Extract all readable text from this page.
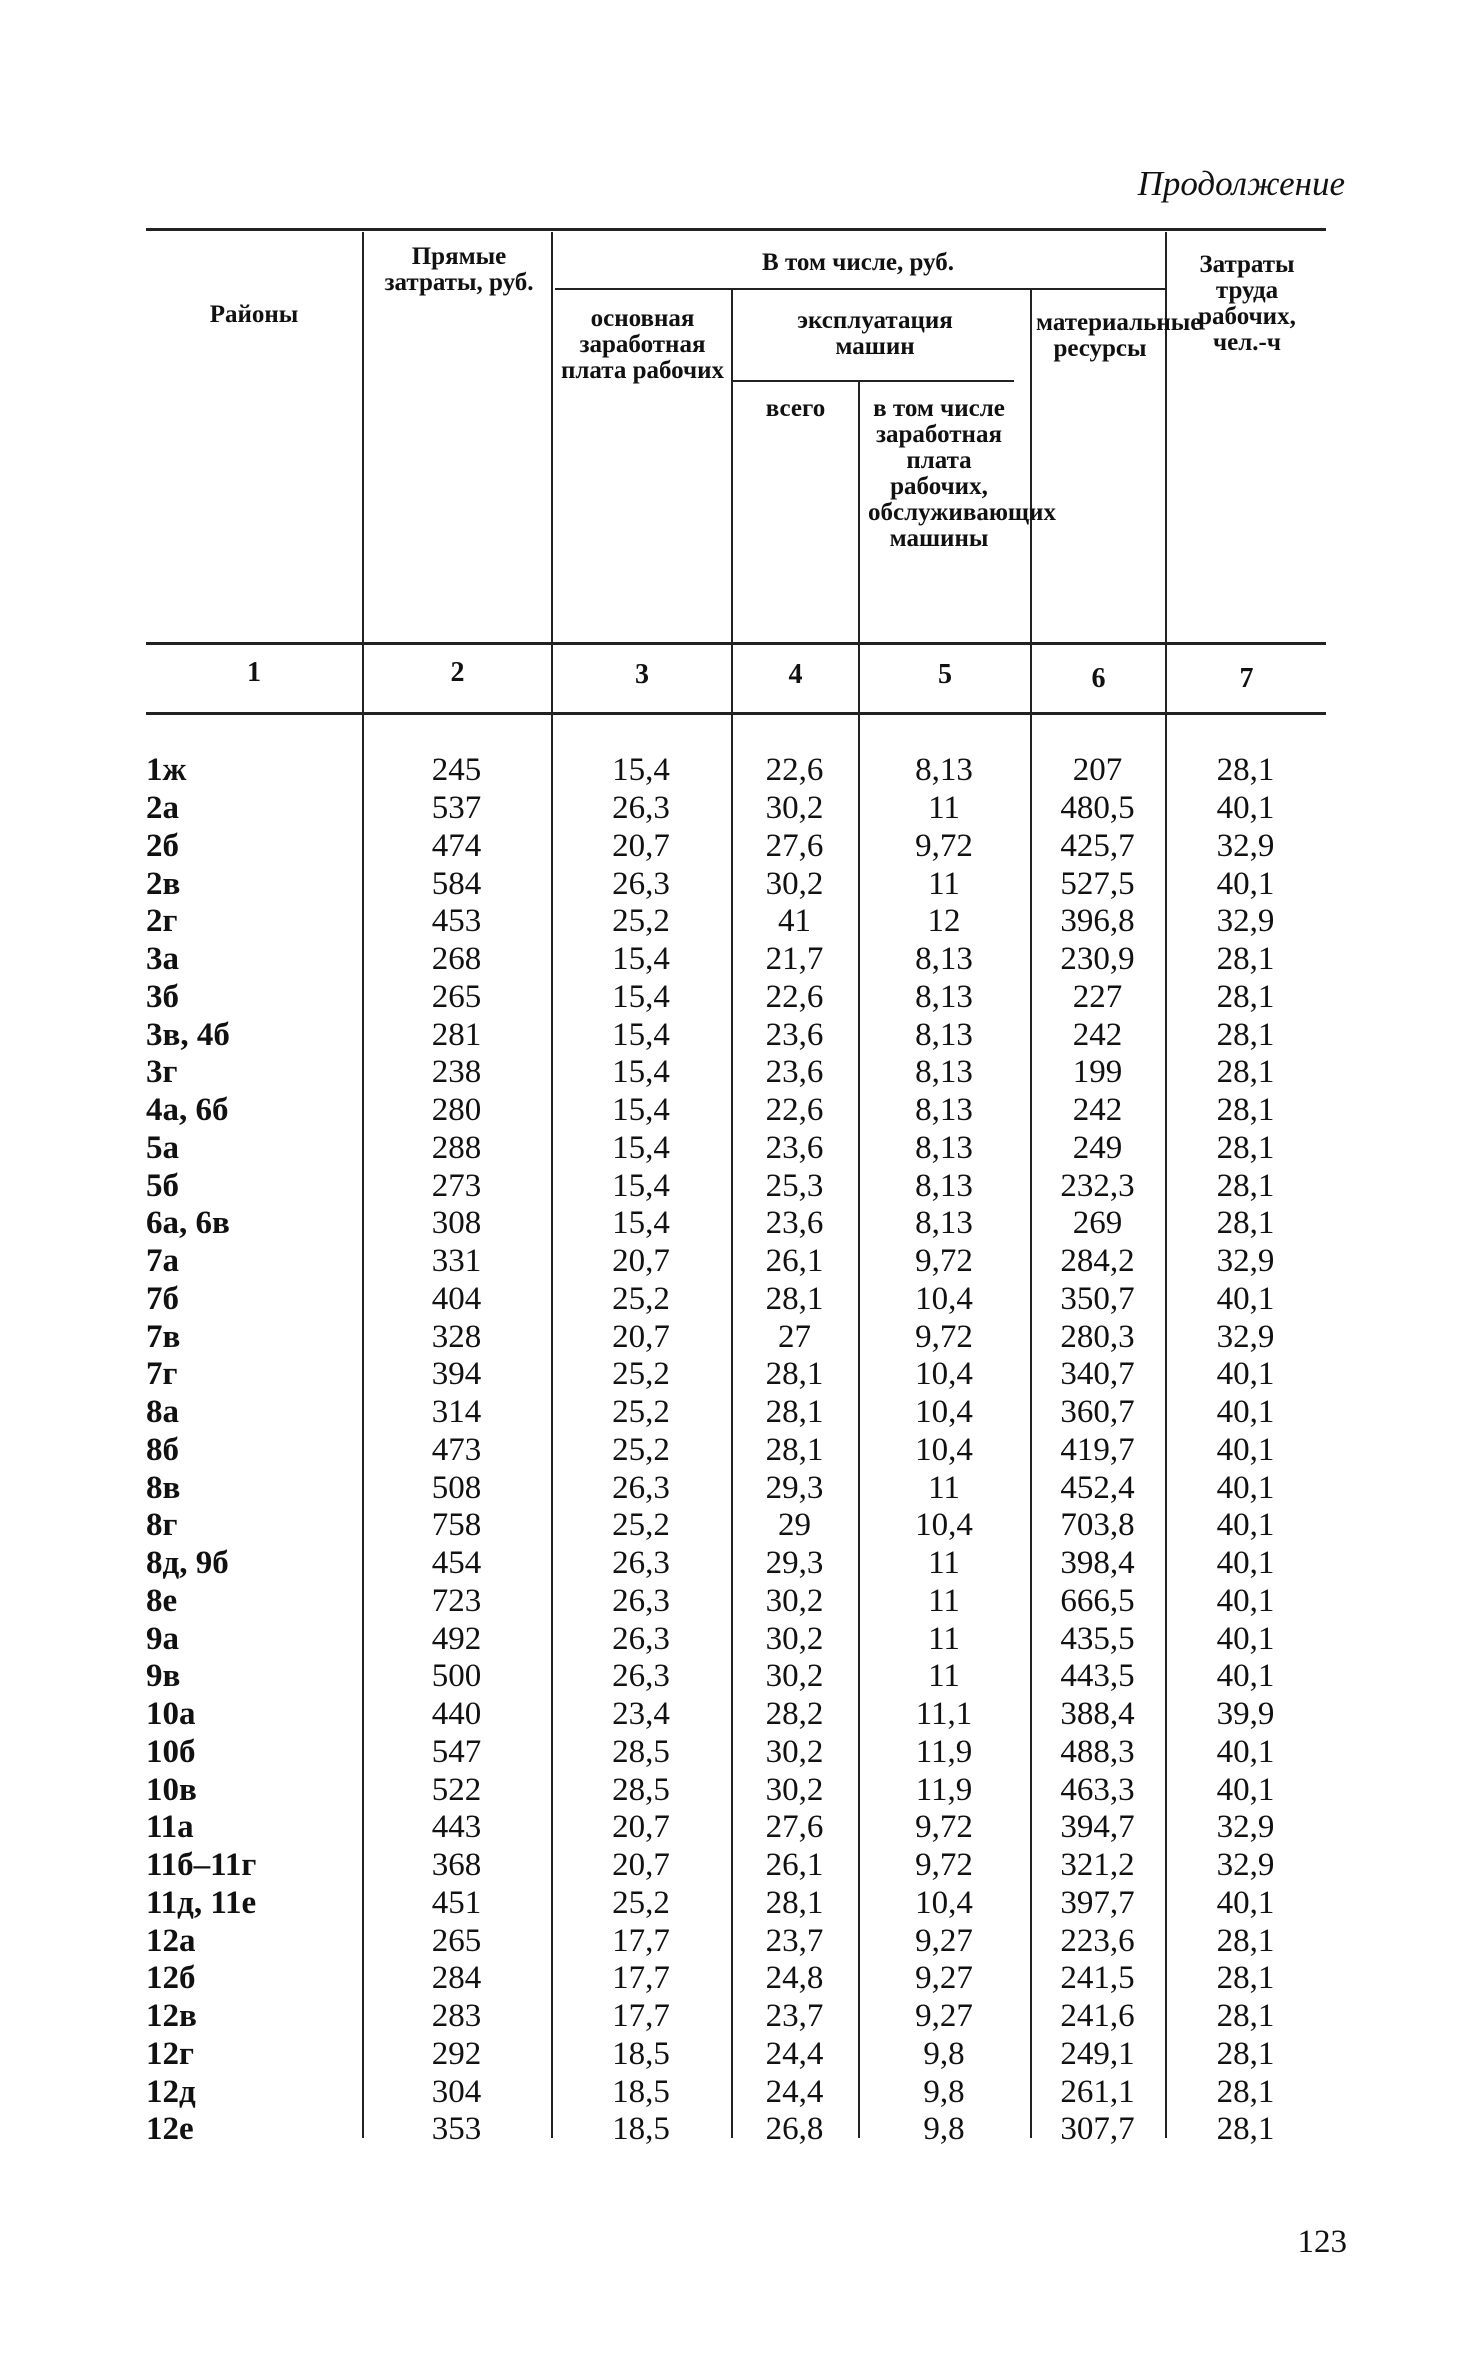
Продолжение
Районы
Прямые затраты, руб.
В том числе, руб.
основная заработная плата рабочих
эксплуатация машин
всего	в том числе заработная плата рабочих, обслуживающих машины
материальные ресурсы
Затраты труда рабочих, чел.-ч
1	2	3	4	5	6	7
1ж	245	15,4	22,6	8,13	207	28,1
2а	537	26,3	30,2	11	480,5	40,1
2б	474	20,7	27,6	9,72	425,7	32,9
2в	584	26,3	30,2	11	527,5	40,1
2г	453	25,2	41	12	396,8	32,9
3а	268	15,4	21,7	8,13	230,9	28,1
3б	265	15,4	22,6	8,13	227	28,1
3в, 4б	281	15,4	23,6	8,13	242	28,1
3г	238	15,4	23,6	8,13	199	28,1
4а, 6б	280	15,4	22,6	8,13	242	28,1
5а	288	15,4	23,6	8,13	249	28,1
5б	273	15,4	25,3	8,13	232,3	28,1
6а, 6в	308	15,4	23,6	8,13	269	28,1
7а	331	20,7	26,1	9,72	284,2	32,9
7б	404	25,2	28,1	10,4	350,7	40,1
7в	328	20,7	27	9,72	280,3	32,9
7г	394	25,2	28,1	10,4	340,7	40,1
8а	314	25,2	28,1	10,4	360,7	40,1
8б	473	25,2	28,1	10,4	419,7	40,1
8в	508	26,3	29,3	11	452,4	40,1
8г	758	25,2	29	10,4	703,8	40,1
8д, 9б	454	26,3	29,3	11	398,4	40,1
8е	723	26,3	30,2	11	666,5	40,1
9а	492	26,3	30,2	11	435,5	40,1
9в	500	26,3	30,2	11	443,5	40,1
10а	440	23,4	28,2	11,1	388,4	39,9
10б	547	28,5	30,2	11,9	488,3	40,1
10в	522	28,5	30,2	11,9	463,3	40,1
11а	443	20,7	27,6	9,72	394,7	32,9
11б–11г	368	20,7	26,1	9,72	321,2	32,9
11д, 11е	451	25,2	28,1	10,4	397,7	40,1
12а	265	17,7	23,7	9,27	223,6	28,1
12б	284	17,7	24,8	9,27	241,5	28,1
12в	283	17,7	23,7	9,27	241,6	28,1
12г	292	18,5	24,4	9,8	249,1	28,1
12д	304	18,5	24,4	9,8	261,1	28,1
12е	353	18,5	26,8	9,8	307,7	28,1
123
